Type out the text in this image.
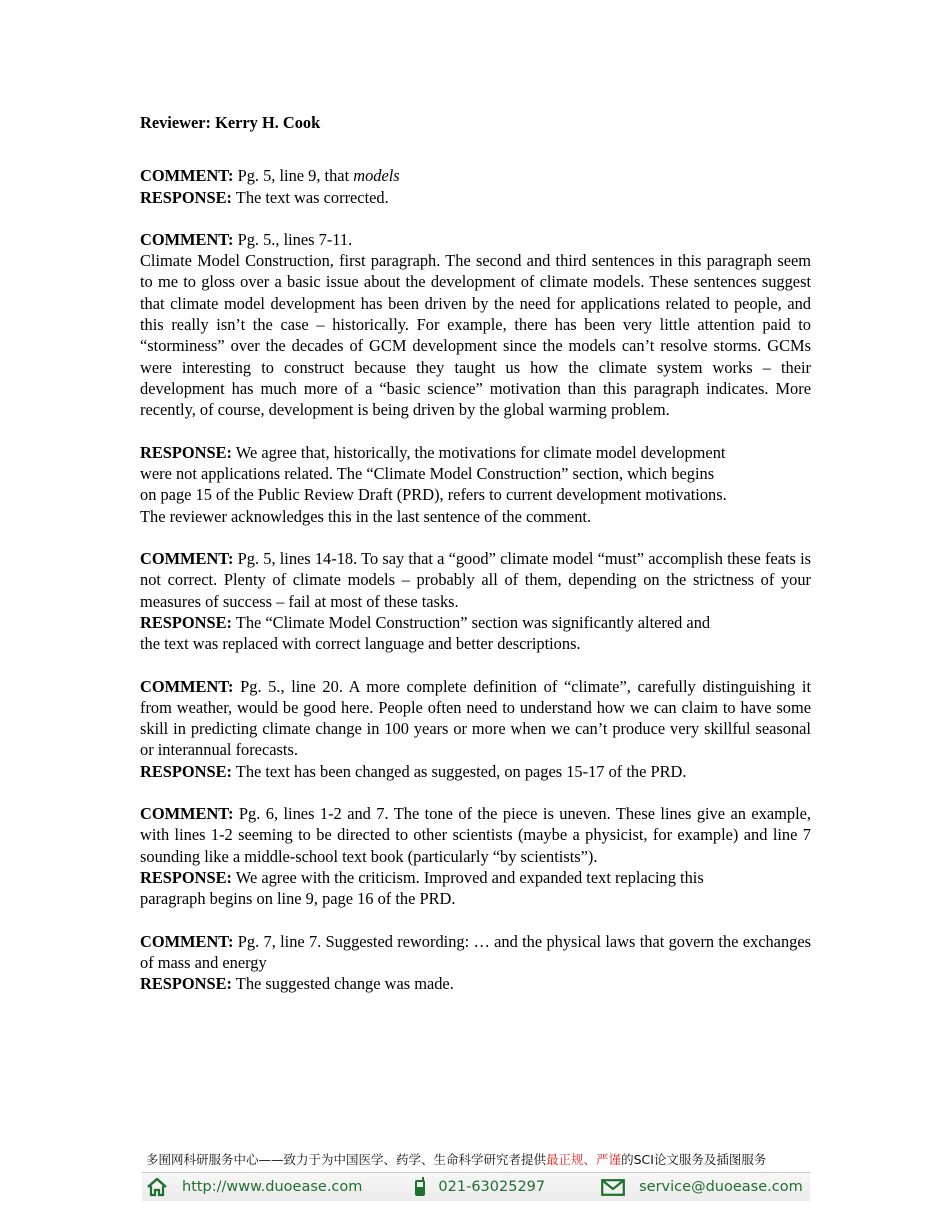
Reviewer: Kerry H. Cook
COMMENT: Pg. 5, line 9, that models
RESPONSE: The text was corrected.
COMMENT: Pg. 5., lines 7-11.
Climate Model Construction, first paragraph. The second and third sentences in this paragraph seem to me to gloss over a basic issue about the development of climate models. These sentences suggest that climate model development has been driven by the need for applications related to people, and this really isn’t the case – historically. For example, there has been very little attention paid to “storminess” over the decades of GCM development since the models can’t resolve storms. GCMs were interesting to construct because they taught us how the climate system works – their development has much more of a “basic science” motivation than this paragraph indicates. More recently, of course, development is being driven by the global warming problem.
RESPONSE: We agree that, historically, the motivations for climate model development
were not applications related. The “Climate Model Construction” section, which begins
on page 15 of the Public Review Draft (PRD), refers to current development motivations.
The reviewer acknowledges this in the last sentence of the comment.
COMMENT: Pg. 5, lines 14-18. To say that a “good” climate model “must” accomplish these feats is not correct. Plenty of climate models – probably all of them, depending on the strictness of your measures of success – fail at most of these tasks.
RESPONSE: The “Climate Model Construction” section was significantly altered and
the text was replaced with correct language and better descriptions.
COMMENT: Pg. 5., line 20. A more complete definition of “climate”, carefully distinguishing it from weather, would be good here. People often need to understand how we can claim to have some skill in predicting climate change in 100 years or more when we can’t produce very skillful seasonal or interannual forecasts.
RESPONSE: The text has been changed as suggested, on pages 15-17 of the PRD.
COMMENT: Pg. 6, lines 1-2 and 7. The tone of the piece is uneven. These lines give an example, with lines 1-2 seeming to be directed to other scientists (maybe a physicist, for example) and line 7 sounding like a middle-school text book (particularly “by scientists”).
RESPONSE: We agree with the criticism. Improved and expanded text replacing this
paragraph begins on line 9, page 16 of the PRD.
COMMENT: Pg. 7, line 7. Suggested rewording: … and the physical laws that govern the exchanges of mass and energy
RESPONSE: The suggested change was made.
多囿网科研服务中心——致力于为中国医学、药学、生命科学研究者提供最正规、严谨的SCI论文服务及插图服务
http://www.duoease.com	021-63025297	service@duoease.com
